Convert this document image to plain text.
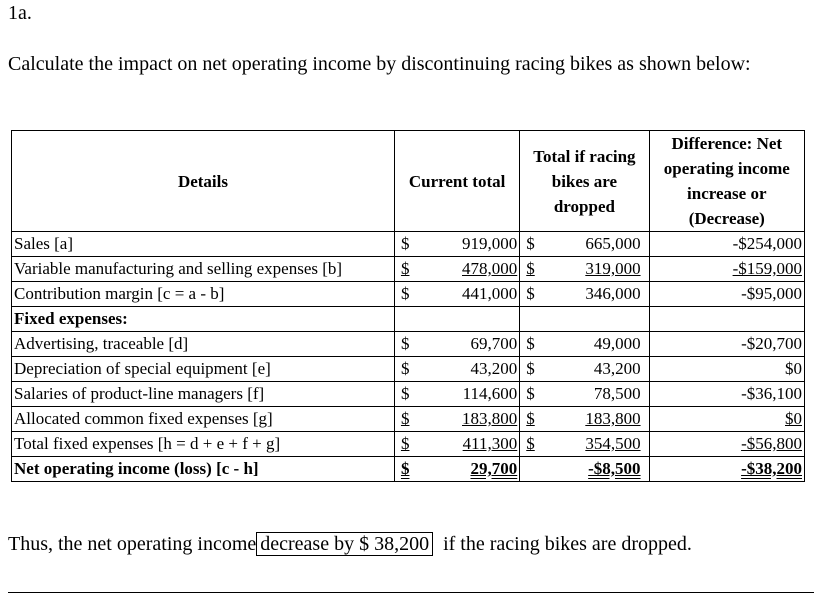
1a.
Calculate the impact on net operating income by discontinuing racing bikes as shown below:
Details	Current total		Total if racing bikes are dropped		Difference: Net operating income increase or (Decrease)
Sales [a]	$	919,000	$	665,000	-$254,000
Variable manufacturing and selling expenses [b]	$	478,000	$	319,000	-$159,000
Contribution margin [c = a - b]	$	441,000	$	346,000	-$95,000
Fixed expenses:					
Advertising, traceable [d]	$	69,700	$	49,000	-$20,700
Depreciation of special equipment [e]	$	43,200	$	43,200	$0
Salaries of product-line managers [f]	$	114,600	$	78,500	-$36,100
Allocated common fixed expenses [g]	$	183,800	$	183,800	$0
Total fixed expenses [h = d + e + f + g]	$	411,300	$	354,500	-$56,800
Net operating income (loss) [c - h]	$	29,700		-$8,500	-$38,200
Thus, the net operating income decrease by $ 38,200 if the racing bikes are dropped.
